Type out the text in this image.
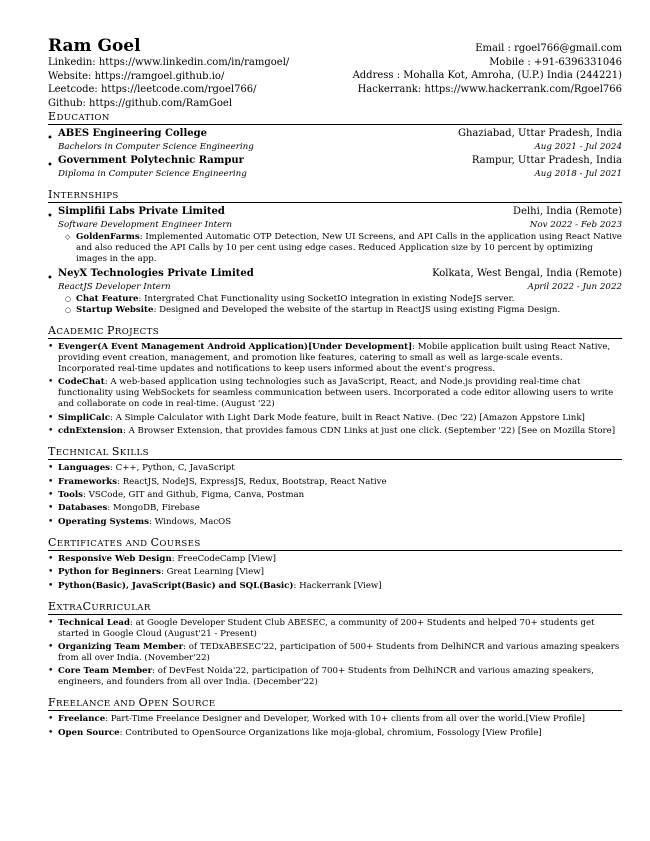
Ram Goel
Linkedin: https://www.linkedin.com/in/ramgoel/
Website: https://ramgoel.github.io/
Leetcode: https://leetcode.com/rgoel766/
Github: https://github.com/RamGoel
Email : rgoel766@gmail.com
Mobile : +91-6396331046
Address : Mohalla Kot, Amroha, (U.P.) India (244221)
Hackerrank: https://www.hackerrank.com/Rgoel766
EDUCATION
• ABES Engineering College	Ghaziabad, Uttar Pradesh, India
Bachelors in Computer Science Engineering	Aug 2021 - Jul 2024
• Government Polytechnic Rampur	Rampur, Uttar Pradesh, India
Diploma in Computer Science Engineering	Aug 2018 - Jul 2021
INTERNSHIPS
• Simplifii Labs Private Limited	Delhi, India (Remote)
Software Development Engineer Intern	Nov 2022 - Feb 2023
◇ GoldenFarms: Implemented Automatic OTP Detection, New UI Screens, and API Calls in the application using React Native and also reduced the API Calls by 10 per cent using edge cases. Reduced Application size by 10 percent by optimizing images in the app.
• NeyX Technologies Private Limited	Kolkata, West Bengal, India (Remote)
ReactJS Developer Intern	April 2022 - Jun 2022
○ Chat Feature: Intergrated Chat Functionality using SocketIO integration in existing NodeJS server.
○ Startup Website: Designed and Developed the website of the startup in ReactJS using existing Figma Design.
ACADEMIC PROJECTS
• Evenger(A Event Management Android Application)[Under Development]: Mobile application built using React Native, providing event creation, management, and promotion like features, catering to small as well as large-scale events. Incorporated real-time updates and notifications to keep users informed about the event's progress.
• CodeChat: A web-based application using technologies such as JavaScript, React, and Node.js providing real-time chat functionality using WebSockets for seamless communication between users. Incorporated a code editor allowing users to write and collaborate on code in real-time. (August '22)
• SimpliCalc: A Simple Calculator with Light Dark Mode feature, built in React Native. (Dec '22) [Amazon Appstore Link]
• cdnExtension: A Browser Extension, that provides famous CDN Links at just one click. (September '22) [See on Mozilla Store]
TECHNICAL SKILLS
• Languages: C++, Python, C, JavaScript
• Frameworks: ReactJS, NodeJS, ExpressJS, Redux, Bootstrap, React Native
• Tools: VSCode, GIT and Github, Figma, Canva, Postman
• Databases: MongoDB, Firebase
• Operating Systems: Windows, MacOS
CERTIFICATES AND COURSES
• Responsive Web Design: FreeCodeCamp [View]
• Python for Beginners: Great Learning [View]
• Python(Basic), JavaScript(Basic) and SQL(Basic): Hackerrank [View]
EXTRACURRICULAR
• Technical Lead: at Google Developer Student Club ABESEC, a community of 200+ Students and helped 70+ students get started in Google Cloud (August'21 - Present)
• Organizing Team Member: of TEDxABESEC'22, participation of 500+ Students from DelhiNCR and various amazing speakers from all over India. (November'22)
• Core Team Member: of DevFest Noida'22, participation of 700+ Students from DelhiNCR and various amazing speakers, engineers, and founders from all over India. (December'22)
FREELANCE AND OPEN SOURCE
• Freelance: Part-Time Freelance Designer and Developer, Worked with 10+ clients from all over the world.[View Profile]
• Open Source: Contributed to OpenSource Organizations like moja-global, chromium, Fossology [View Profile]
